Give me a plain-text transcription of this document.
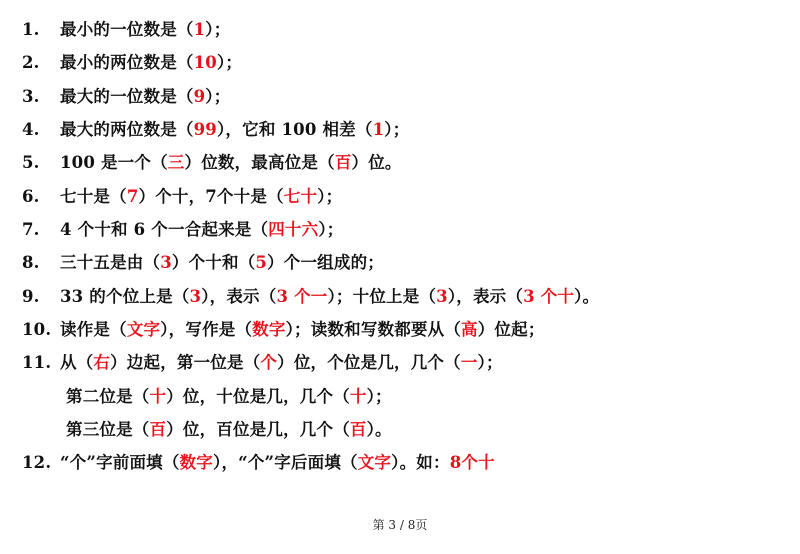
1. 最小的一位数是（1）；
2. 最小的两位数是（10）；
3. 最大的一位数是（9）；
4. 最大的两位数是（99），它和 100 相差（1）；
5. 100 是一个（三）位数，最高位是（百）位。
6. 七十是（7）个十，7个十是（七十）；
7. 4 个十和 6 个一合起来是（四十六）；
8. 三十五是由（3）个十和（5）个一组成的；
9. 33 的个位上是（3），表示（3 个一）；十位上是（3），表示（3 个十）。
10. 读作是（文字），写作是（数字）；读数和写数都要从（高）位起；
11. 从（右）边起，第一位是（个）位，个位是几，几个（一）；
第二位是（十）位，十位是几，几个（十）；
第三位是（百）位，百位是几，几个（百）。
12. “个”字前面填（数字），“个”字后面填（文字）。如：8个十
第 3 / 8页
